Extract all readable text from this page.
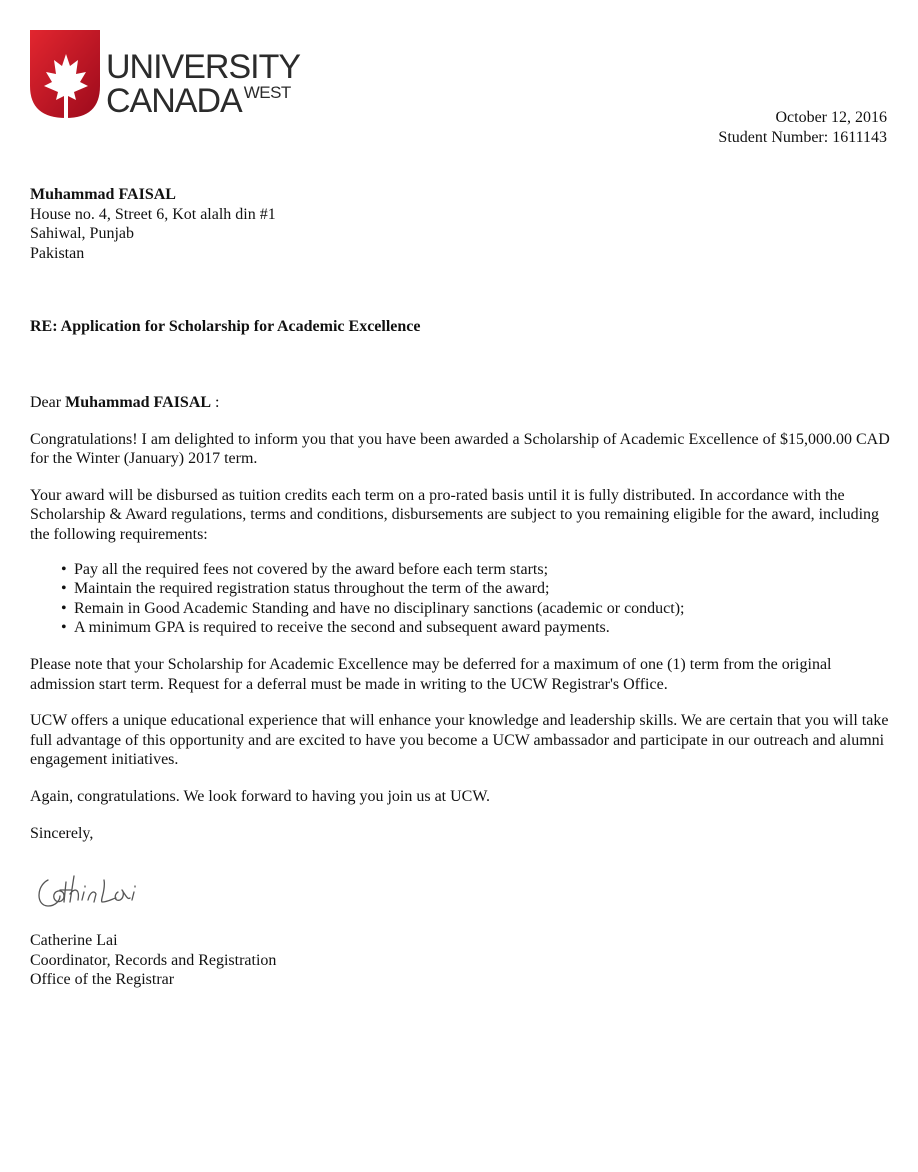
UNIVERSITY
CANADA WEST
October 12, 2016
Student Number: 1611143
Muhammad FAISAL
House no. 4, Street 6, Kot alalh din #1
Sahiwal, Punjab
Pakistan
RE: Application for Scholarship for Academic Excellence

Dear Muhammad FAISAL :

Congratulations! I am delighted to inform you that you have been awarded a Scholarship of Academic Excellence of $15,000.00 CAD for the Winter (January) 2017 term.

Your award will be disbursed as tuition credits each term on a pro-rated basis until it is fully distributed. In accordance with the Scholarship & Award regulations, terms and conditions, disbursements are subject to you remaining eligible for the award, including the following requirements:

• Pay all the required fees not covered by the award before each term starts;
• Maintain the required registration status throughout the term of the award;
• Remain in Good Academic Standing and have no disciplinary sanctions (academic or conduct);
• A minimum GPA is required to receive the second and subsequent award payments.

Please note that your Scholarship for Academic Excellence may be deferred for a maximum of one (1) term from the original admission start term. Request for a deferral must be made in writing to the UCW Registrar's Office.

UCW offers a unique educational experience that will enhance your knowledge and leadership skills. We are certain that you will take full advantage of this opportunity and are excited to have you become a UCW ambassador and participate in our outreach and alumni engagement initiatives.

Again, congratulations. We look forward to having you join us at UCW.

Sincerely,

Catherine Lai
Coordinator, Records and Registration
Office of the Registrar
